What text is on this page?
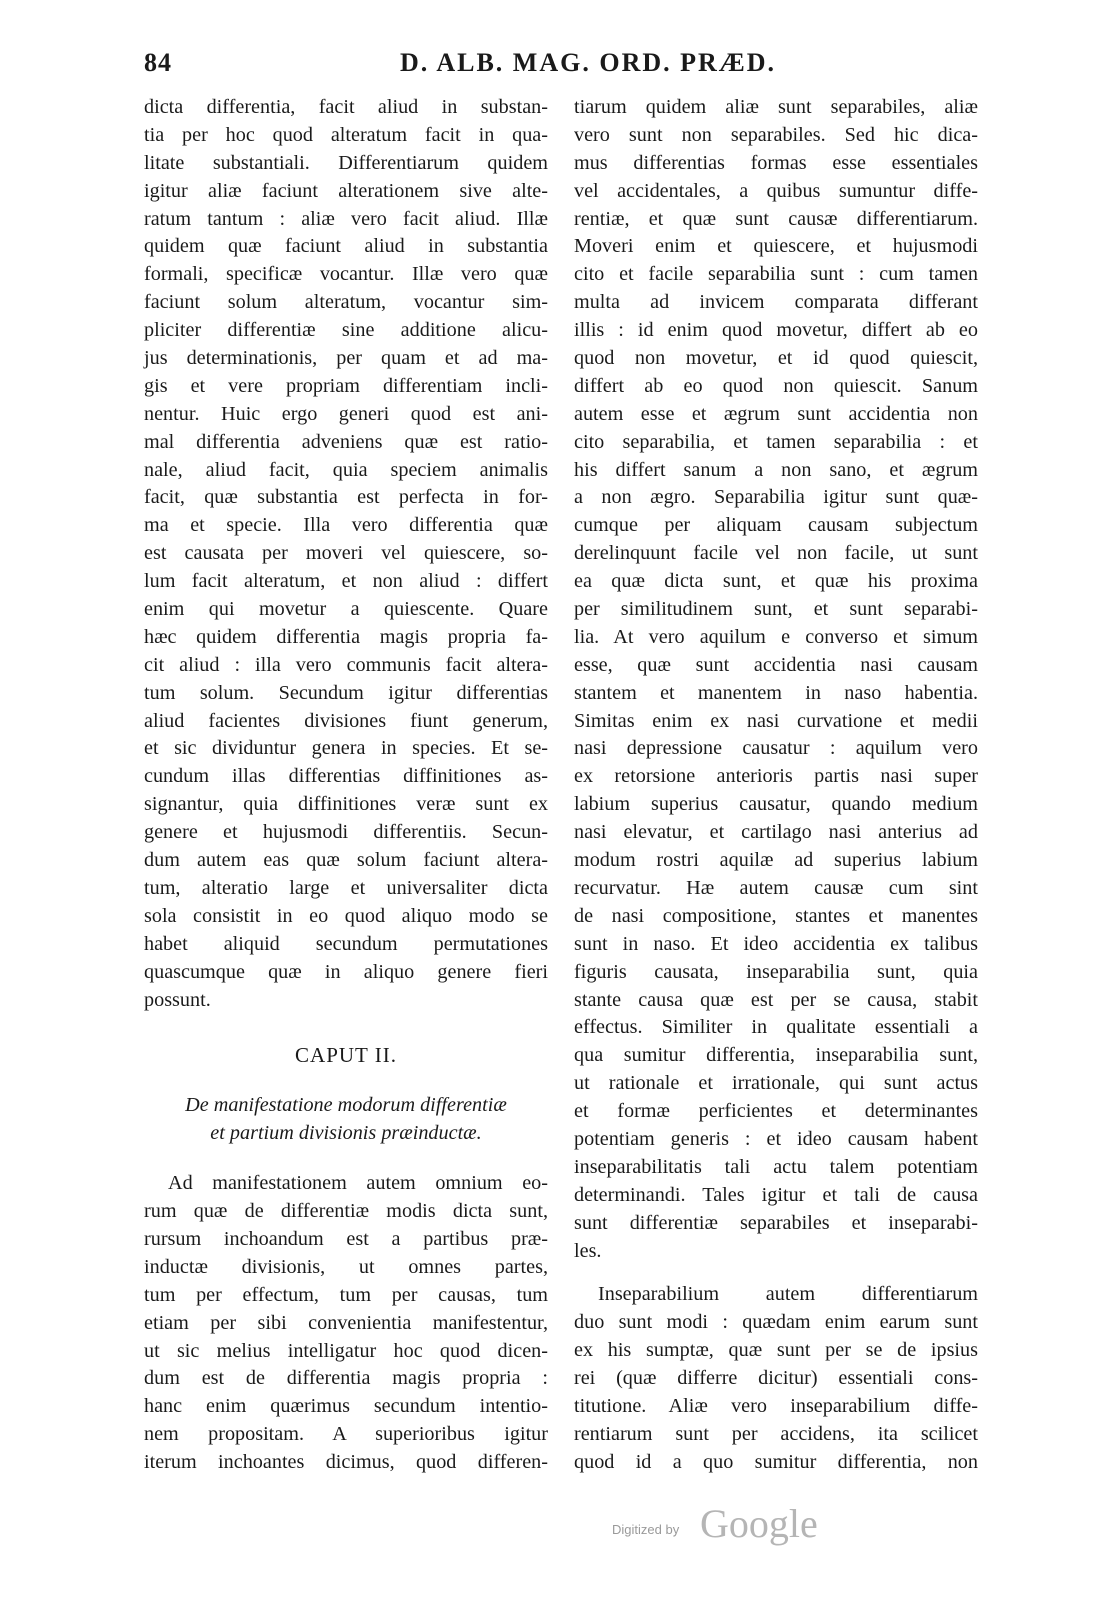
84	D. ALB. MAG. ORD. PRÆD.
dicta differentia, facit aliud in substan-
tia per hoc quod alteratum facit in qua-
litate substantiali. Differentiarum quidem
igitur aliæ faciunt alterationem sive alte-
ratum tantum : aliæ vero facit aliud. Illæ
quidem quæ faciunt aliud in substantia
formali, specificæ vocantur. Illæ vero quæ
faciunt solum alteratum, vocantur sim-
pliciter differentiæ sine additione alicu-
jus determinationis, per quam et ad ma-
gis et vere propriam differentiam incli-
nentur. Huic ergo generi quod est ani-
mal differentia adveniens quæ est ratio-
nale, aliud facit, quia speciem animalis
facit, quæ substantia est perfecta in for-
ma et specie. Illa vero differentia quæ
est causata per moveri vel quiescere, so-
lum facit alteratum, et non aliud : differt
enim qui movetur a quiescente. Quare
hæc quidem differentia magis propria fa-
cit aliud : illa vero communis facit altera-
tum solum. Secundum igitur differentias
aliud facientes divisiones fiunt generum,
et sic dividuntur genera in species. Et se-
cundum illas differentias diffinitiones as-
signantur, quia diffinitiones veræ sunt ex
genere et hujusmodi differentiis. Secun-
dum autem eas quæ solum faciunt altera-
tum, alteratio large et universaliter dicta
sola consistit in eo quod aliquo modo se
habet aliquid secundum permutationes
quascumque quæ in aliquo genere fieri
possunt.
CAPUT II.
De manifestatione modorum differentiæ
et partium divisionis præinductæ.
Ad manifestationem autem omnium eo-
rum quæ de differentiæ modis dicta sunt,
rursum inchoandum est a partibus præ-
inductæ divisionis, ut omnes partes,
tum per effectum, tum per causas, tum
etiam per sibi convenientia manifestentur,
ut sic melius intelligatur hoc quod dicen-
dum est de differentia magis propria :
hanc enim quærimus secundum intentio-
nem propositam. A superioribus igitur
iterum inchoantes dicimus, quod differen-
tiarum quidem aliæ sunt separabiles, aliæ
vero sunt non separabiles. Sed hic dica-
mus differentias formas esse essentiales
vel accidentales, a quibus sumuntur diffe-
rentiæ, et quæ sunt causæ differentiarum.
Moveri enim et quiescere, et hujusmodi
cito et facile separabilia sunt : cum tamen
multa ad invicem comparata differant
illis : id enim quod movetur, differt ab eo
quod non movetur, et id quod quiescit,
differt ab eo quod non quiescit. Sanum
autem esse et ægrum sunt accidentia non
cito separabilia, et tamen separabilia : et
his differt sanum a non sano, et ægrum
a non ægro. Separabilia igitur sunt quæ-
cumque per aliquam causam subjectum
derelinquunt facile vel non facile, ut sunt
ea quæ dicta sunt, et quæ his proxima
per similitudinem sunt, et sunt separabi-
lia. At vero aquilum e converso et simum
esse, quæ sunt accidentia nasi causam
stantem et manentem in naso habentia.
Simitas enim ex nasi curvatione et medii
nasi depressione causatur : aquilum vero
ex retorsione anterioris partis nasi super
labium superius causatur, quando medium
nasi elevatur, et cartilago nasi anterius ad
modum rostri aquilæ ad superius labium
recurvatur. Hæ autem causæ cum sint
de nasi compositione, stantes et manentes
sunt in naso. Et ideo accidentia ex talibus
figuris causata, inseparabilia sunt, quia
stante causa quæ est per se causa, stabit
effectus. Similiter in qualitate essentiali a
qua sumitur differentia, inseparabilia sunt,
ut rationale et irrationale, qui sunt actus
et formæ perficientes et determinantes
potentiam generis : et ideo causam habent
inseparabilitatis tali actu talem potentiam
determinandi. Tales igitur et tali de causa
sunt differentiæ separabiles et inseparabi-
les.
Inseparabilium autem differentiarum
duo sunt modi : quædam enim earum sunt
ex his sumptæ, quæ sunt per se de ipsius
rei (quæ differre dicitur) essentiali cons-
titutione. Aliæ vero inseparabilium diffe-
rentiarum sunt per accidens, ita scilicet
quod id a quo sumitur differentia, non
Digitized by Google
